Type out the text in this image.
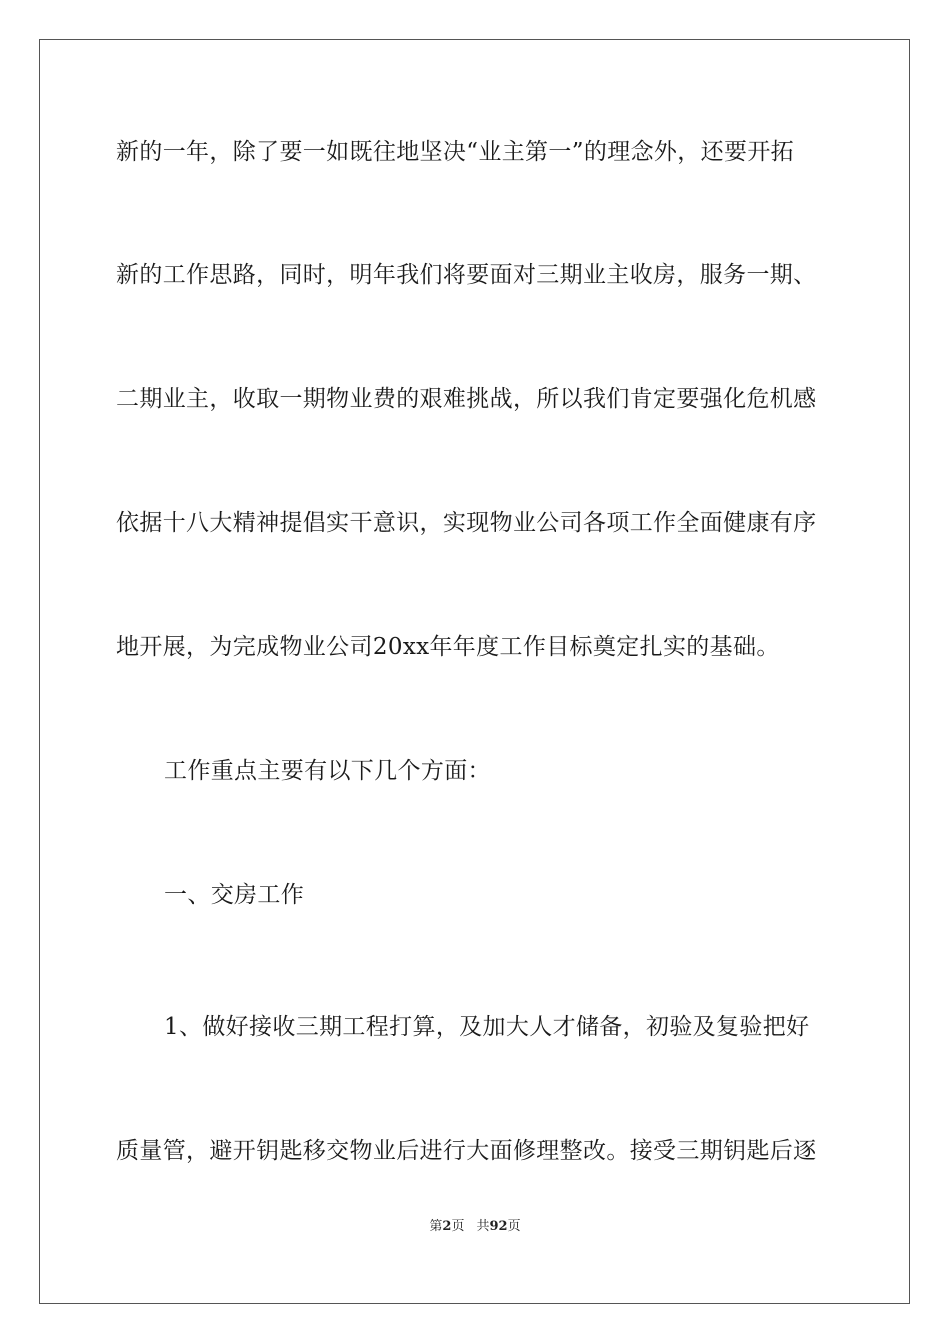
新的一年，除了要一如既往地坚决“业主第一”的理念外，还要开拓
新的工作思路，同时，明年我们将要面对三期业主收房，服务一期、
二期业主，收取一期物业费的艰难挑战，所以我们肯定要强化危机感
依据十八大精神提倡实干意识，实现物业公司各项工作全面健康有序
地开展，为完成物业公司20xx年年度工作目标奠定扎实的基础。
工作重点主要有以下几个方面：
一、交房工作
1、做好接收三期工程打算，及加大人才储备，初验及复验把好
质量管，避开钥匙移交物业后进行大面修理整改。接受三期钥匙后逐
第2页 共92页
